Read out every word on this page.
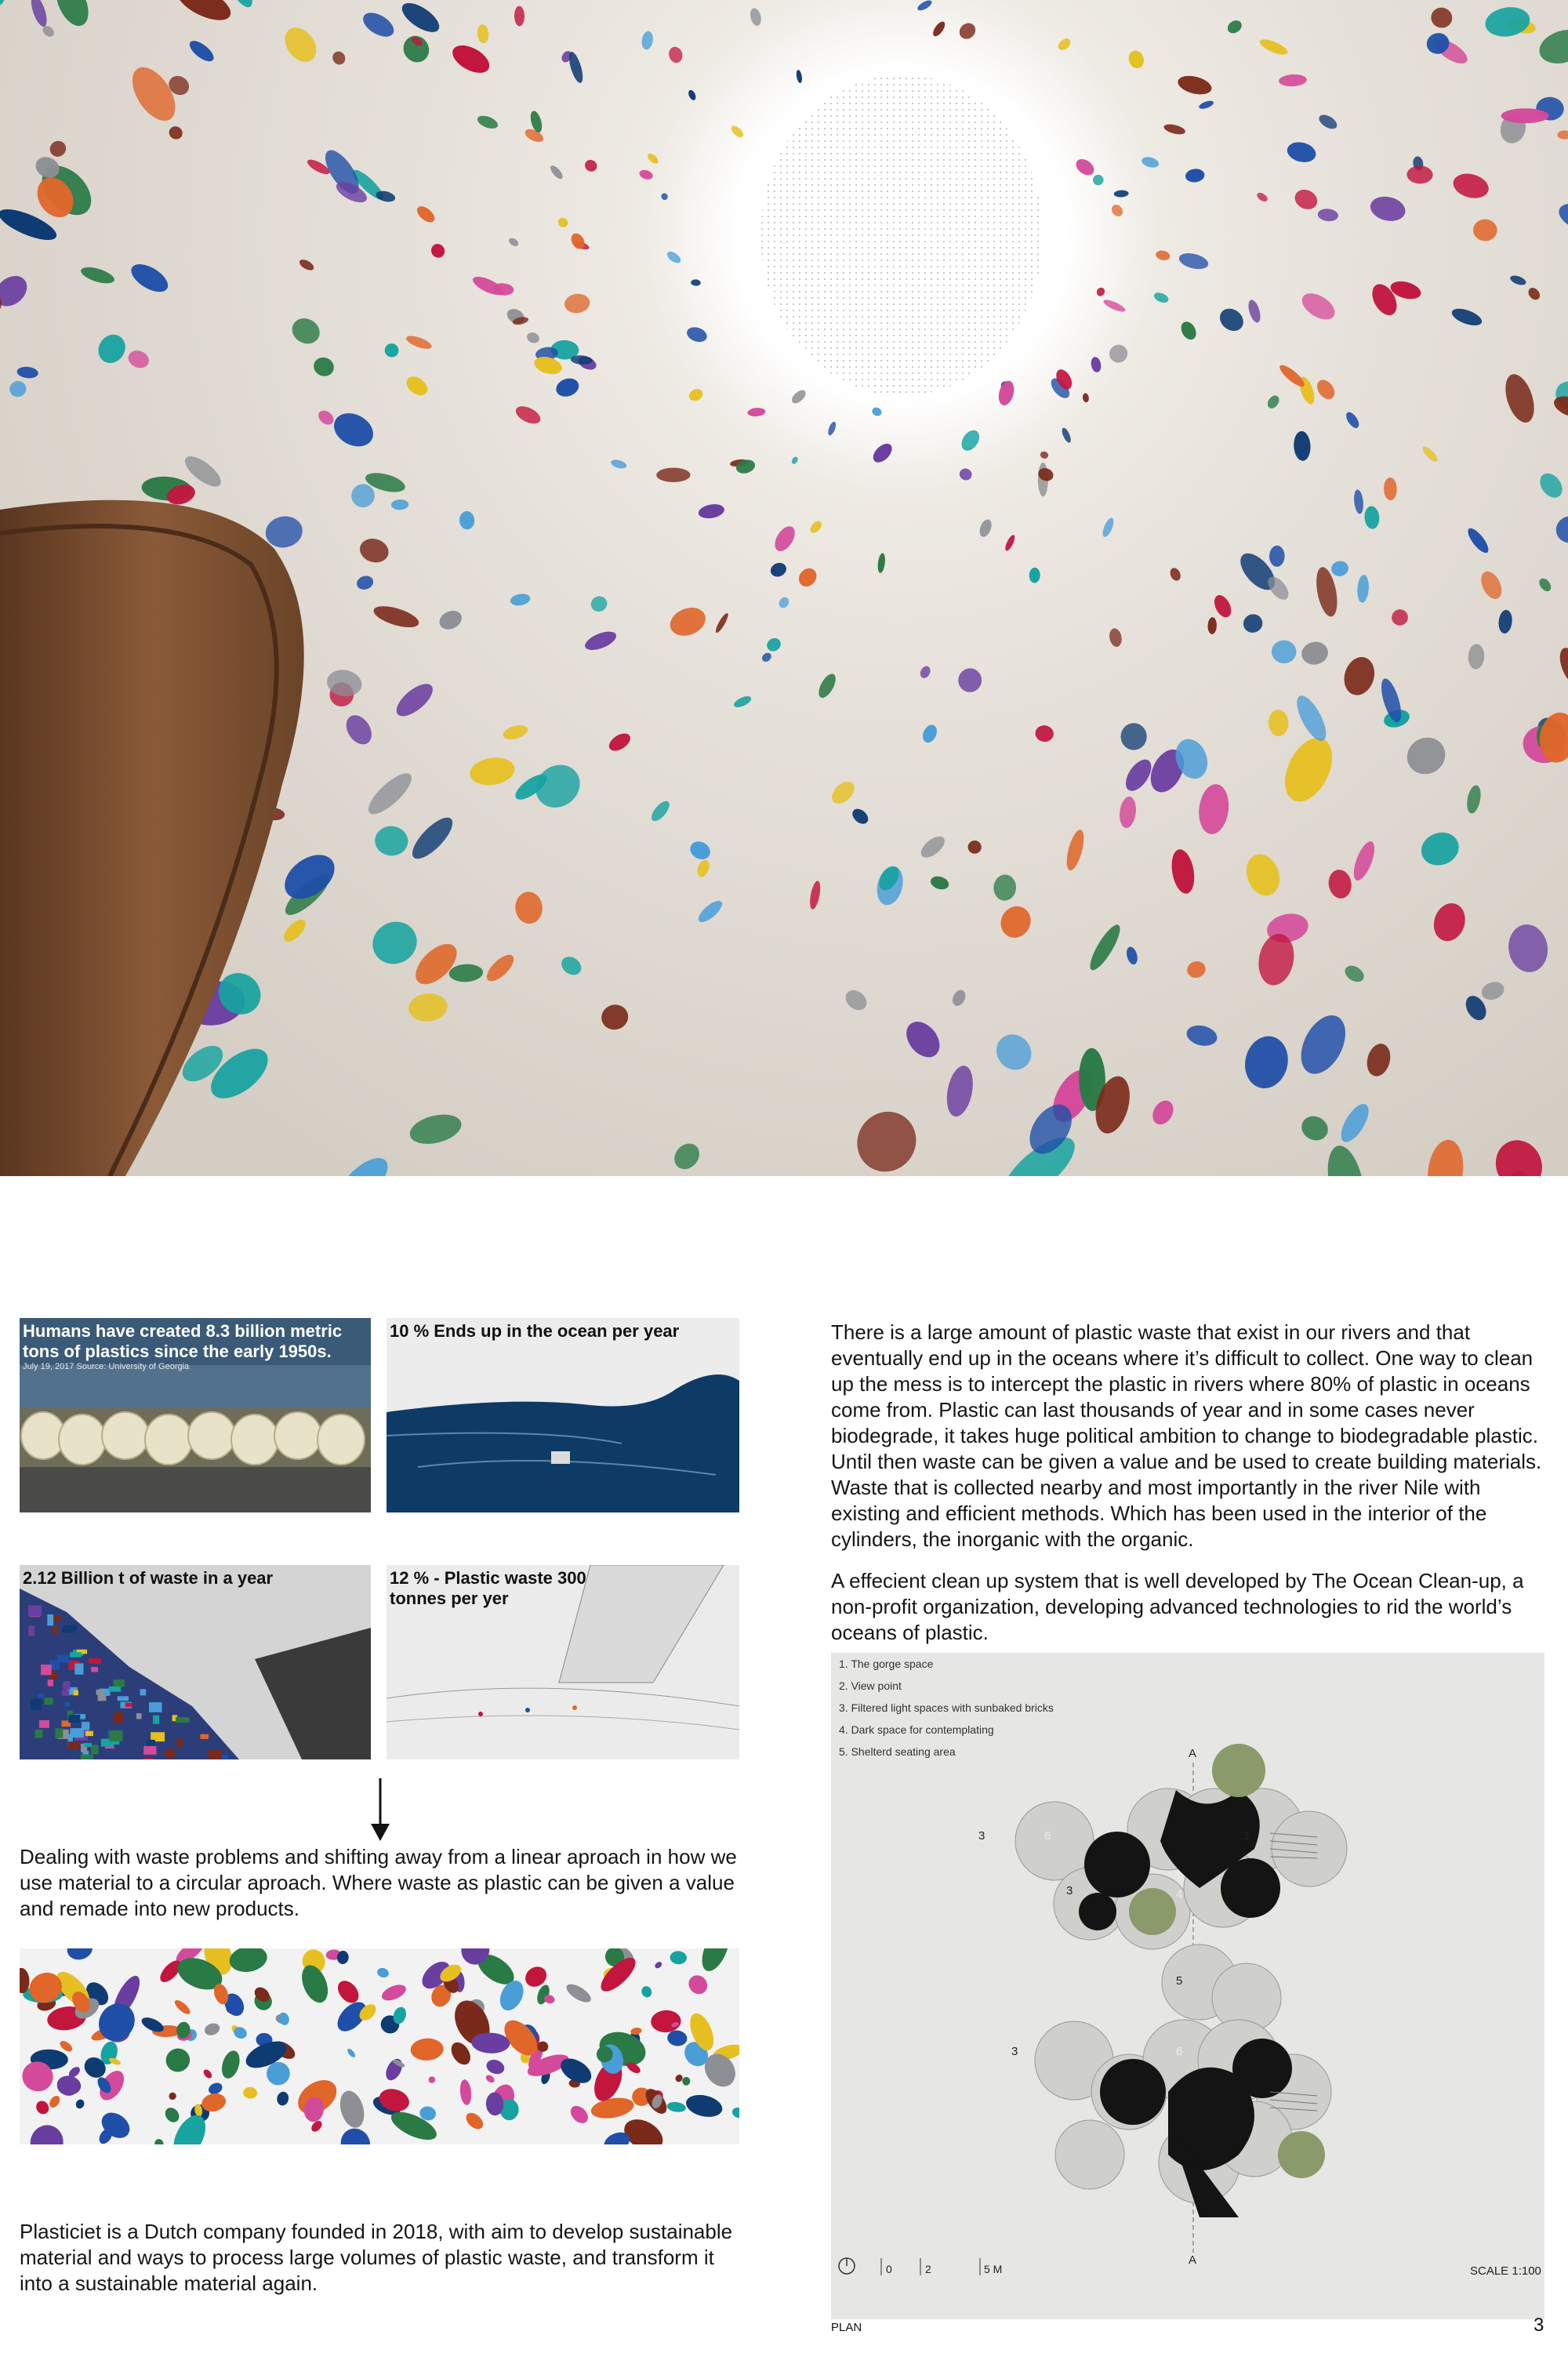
Humans have created 8.3 billion metric tons of plastics since the early 1950s.

July 19, 2017 Source: University of Georgia

10 % Ends up in the ocean per year

2.12 Billion t of waste in a year	12 % - Plastic waste 300 tonnes per yer

Dealing with waste problems and shifting away from a linear aproach in how we use material to a circular aproach. Where waste as plastic can be given a value and remade into new products.

Plasticiet is a Dutch company founded in 2018, with aim to develop sustainable material and ways to process large volumes of plastic waste, and transform it into a sustainable material again.

There is a large amount of plastic waste that exist in our rivers and that eventually end up in the oceans where it’s difficult to collect. One way to clean up the mess is to intercept the plastic in rivers where 80% of plastic in oceans come from. Plastic can last thousands of year and in some cases never biodegrade, it takes huge political ambition to change to biodegradable plastic. Until then waste can be given a value and be used to create building materials. Waste that is collected nearby and most importantly in the river Nile with existing and efficient methods. Which has been used in the interior of the cylinders, the inorganic with the organic.

A effecient clean up system that is well developed by The Ocean Clean-up, a non-profit organization, developing advanced technologies to rid the world’s oceans of plastic.

1. The gorge space
2. View point
3. Filtered light spaces with sunbaked bricks
4. Dark space for contemplating
5. Shelterd seating area	A
A
3	6	3
4
3
5
6
3
0	2	5 M	SCALE 1:100
PLAN	3
